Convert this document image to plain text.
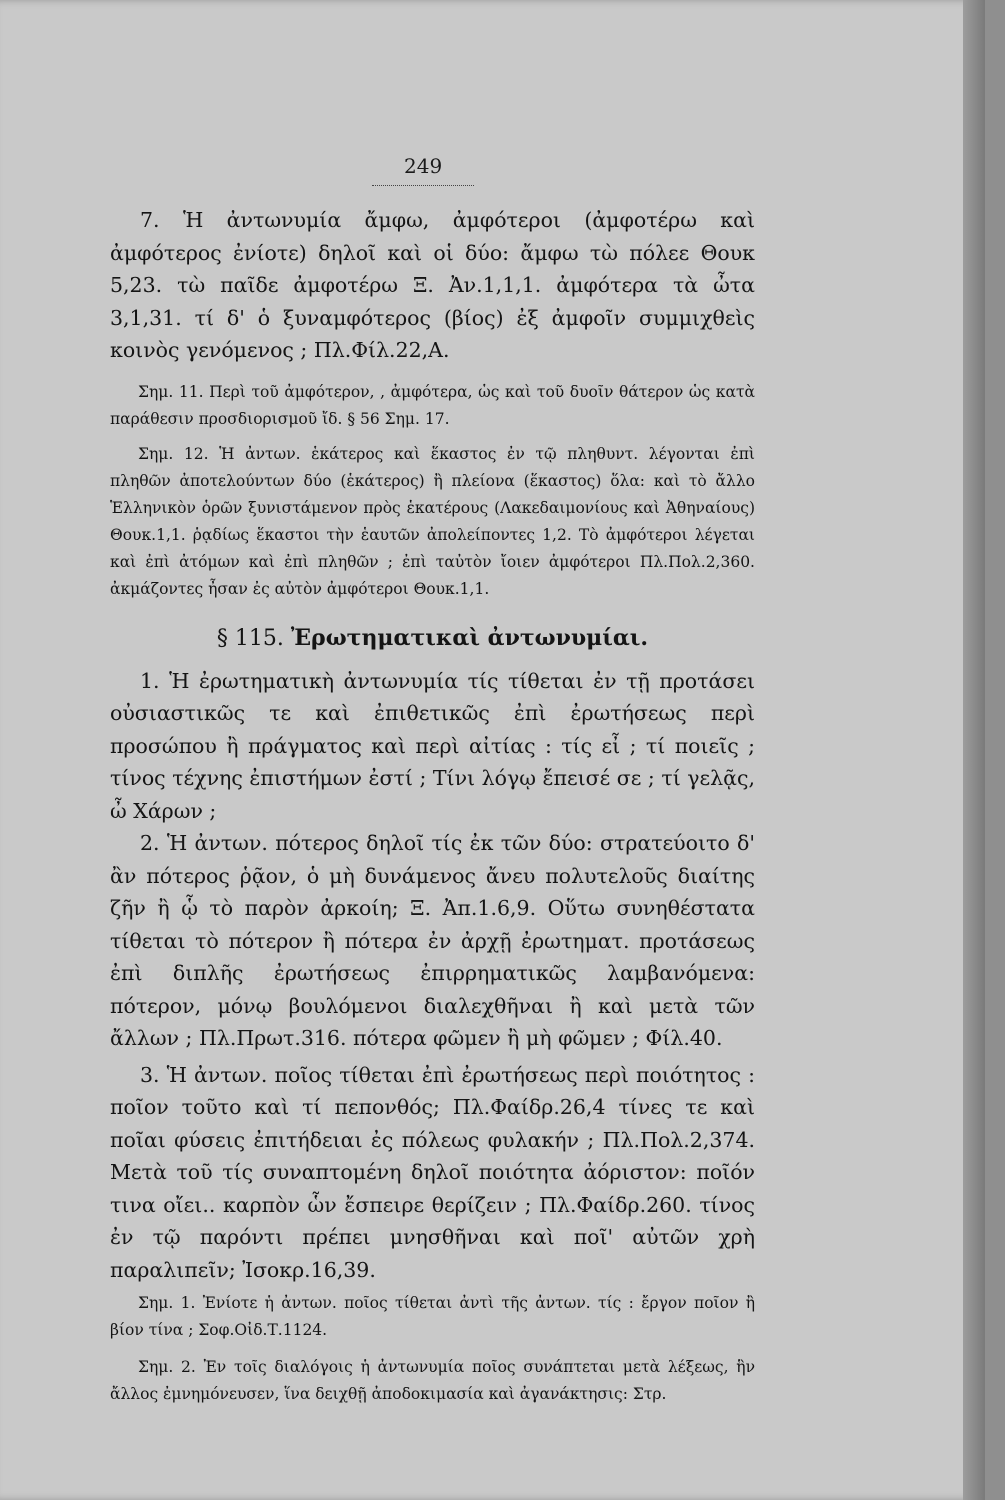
249

7. Ἡ ἀντωνυμία ἄμφω, ἀμφότεροι (ἀμφοτέρω καὶ ἀμφότερος ἐνίοτε) δηλοῖ καὶ οἱ δύο: ἄμφω τὼ πόλεε Θουκ 5,23. τὼ παῖδε ἀμφοτέρω Ξ. Ἀν.1,1,1. ἀμφότερα τὰ ὦτα 3,1,31. τί δ' ὁ ξυναμφότερος (βίος) ἐξ ἀμφοῖν συμμιχθεὶς κοινὸς γενόμενος ; Πλ.Φίλ.22,Α.

Σημ. 11. Περὶ τοῦ ἀμφότερον, , ἀμφότερα, ὡς καὶ τοῦ δυοῖν θάτερον ὡς κατὰ παράθεσιν προσδιορισμοῦ ἴδ. § 56 Σημ. 17.

Σημ. 12. Ἡ ἀντων. ἑκάτερος καὶ ἕκαστος ἐν τῷ πληθυντ. λέγονται ἐπὶ πληθῶν ἀποτελούντων δύο (ἑκάτερος) ἢ πλείονα (ἕκαστος) ὅλα: καὶ τὸ ἄλλο Ἑλληνικὸν ὁρῶν ξυνιστάμενον πρὸς ἑκατέρους (Λακεδαιμονίους καὶ Ἀθηναίους) Θουκ.1,1. ῥᾳδίως ἕκαστοι τὴν ἑαυτῶν ἀπολείποντες 1,2. Τὸ ἀμφότεροι λέγεται καὶ ἐπὶ ἀτόμων καὶ ἐπὶ πληθῶν ; ἐπὶ ταὐτὸν ἴοιεν ἀμφότεροι Πλ.Πολ.2,360. ἀκμάζοντες ἦσαν ἐς αὐτὸν ἀμφότεροι Θουκ.1,1.

§ 115. Ἐρωτηματικαὶ ἀντωνυμίαι.

1. Ἡ ἐρωτηματικὴ ἀντωνυμία τίς τίθεται ἐν τῇ προτάσει οὐσιαστικῶς τε καὶ ἐπιθετικῶς ἐπὶ ἐρωτήσεως περὶ προσώπου ἢ πράγματος καὶ περὶ αἰτίας : τίς εἶ ; τί ποιεῖς ; τίνος τέχνης ἐπιστήμων ἐστί ; Τίνι λόγῳ ἔπεισέ σε ; τί γελᾷς, ὦ Χάρων ;

2. Ἡ ἀντων. πότερος δηλοῖ τίς ἐκ τῶν δύο: στρατεύοιτο δ' ἂν πότερος ῥᾷον, ὁ μὴ δυνάμενος ἄνευ πολυτελοῦς διαίτης ζῆν ἢ ᾧ τὸ παρὸν ἀρκοίη; Ξ. Ἀπ.1.6,9. Οὕτω συνηθέστατα τίθεται τὸ πότερον ἢ πότερα ἐν ἀρχῇ ἐρωτηματ. προτάσεως ἐπὶ διπλῆς ἐρωτήσεως ἐπιρρηματικῶς λαμβανόμενα: πότερον, μόνῳ βουλόμενοι διαλεχθῆναι ἢ καὶ μετὰ τῶν ἄλλων ; Πλ.Πρωτ.316. πότερα φῶμεν ἢ μὴ φῶμεν ; Φίλ.40.

3. Ἡ ἀντων. ποῖος τίθεται ἐπὶ ἐρωτήσεως περὶ ποιότητος : ποῖον τοῦτο καὶ τί πεπονθός; Πλ.Φαίδρ.26,4 τίνες τε καὶ ποῖαι φύσεις ἐπιτήδειαι ἐς πόλεως φυλακήν ; Πλ.Πολ.2,374. Μετὰ τοῦ τίς συναπτομένη δηλοῖ ποιότητα ἀόριστον: ποῖόν τινα οἴει.. καρπὸν ὧν ἔσπειρε θερίζειν ; Πλ.Φαίδρ.260. τίνος ἐν τῷ παρόντι πρέπει μνησθῆναι καὶ ποῖ' αὐτῶν χρὴ παραλιπεῖν; Ἰσοκρ.16,39.

Σημ. 1. Ἐνίοτε ἡ ἀντων. ποῖος τίθεται ἀντὶ τῆς ἀντων. τίς : ἔργον ποῖον ἢ βίον τίνα ; Σοφ.Οἰδ.Τ.1124.

Σημ. 2. Ἐν τοῖς διαλόγοις ἡ ἀντωνυμία ποῖος συνάπτεται μετὰ λέξεως, ἣν ἄλλος ἐμνημόνευσεν, ἵνα δειχθῇ ἀποδοκιμασία καὶ ἀγανάκτησις: Στρ.
